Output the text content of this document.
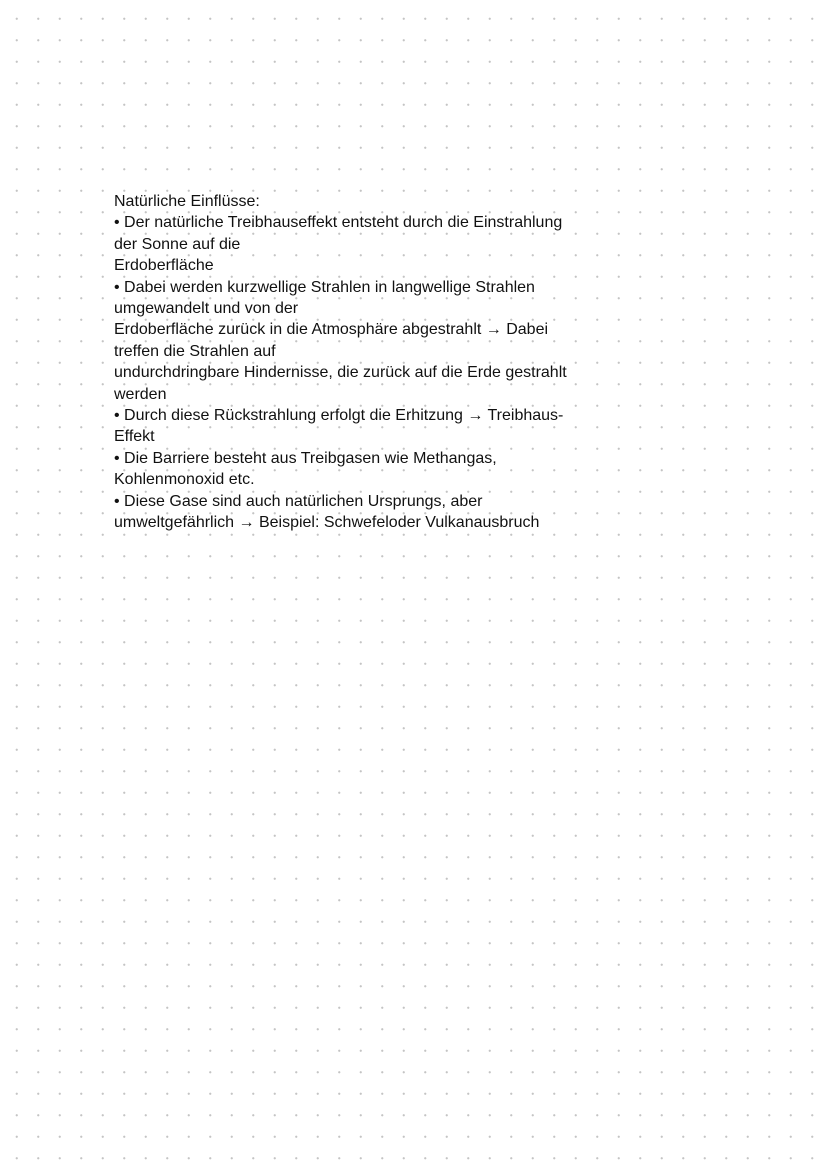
Natürliche Einflüsse:
• Der natürliche Treibhauseffekt entsteht durch die Einstrahlung
der Sonne auf die
Erdoberfläche
• Dabei werden kurzwellige Strahlen in langwellige Strahlen
umgewandelt und von der
Erdoberfläche zurück in die Atmosphäre abgestrahlt → Dabei
treffen die Strahlen auf
undurchdringbare Hindernisse, die zurück auf die Erde gestrahlt
werden
• Durch diese Rückstrahlung erfolgt die Erhitzung → Treibhaus-
Effekt
• Die Barriere besteht aus Treibgasen wie Methangas,
Kohlenmonoxid etc.
• Diese Gase sind auch natürlichen Ursprungs, aber
umweltgefährlich → Beispiel: Schwefeloder Vulkanausbruch
